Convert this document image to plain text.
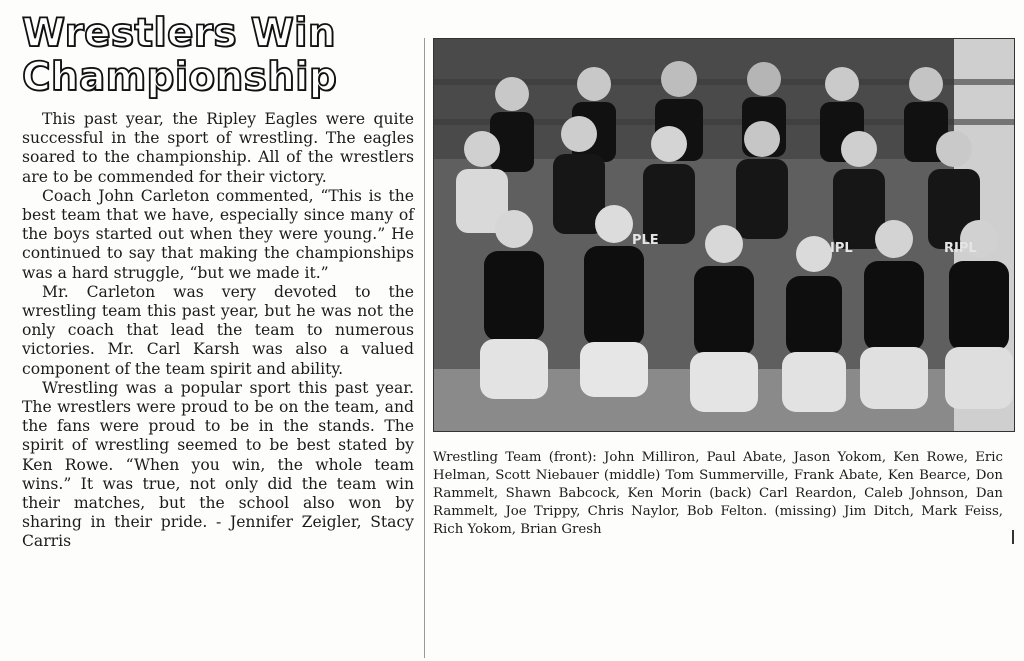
Wrestlers Win
Championship

This past year, the Ripley Eagles were quite successful in the sport of wrestling. The eagles soared to the championship. All of the wrestlers are to be commended for their victory.

Coach John Carleton commented, “This is the best team that we have, especially since many of the boys started out when they were young.” He continued to say that making the championships was a hard struggle, “but we made it.”

Mr. Carleton was very devoted to the wrestling team this past year, but he was not the only coach that lead the team to numerous victories. Mr. Carl Karsh was also a valued component of the team spirit and ability.

Wrestling was a popular sport this past year. The wrestlers were proud to be on the team, and the fans were proud to be in the stands. The spirit of wrestling seemed to be best stated by Ken Rowe. “When you win, the whole team wins.” It was true, not only did the team win their matches, but the school also won by sharing in their pride. - Jennifer Zeigler, Stacy Carris

PLE
IPL	RIPL

Wrestling Team (front): John Milliron, Paul Abate, Jason Yokom, Ken Rowe, Eric Helman, Scott Niebauer (middle) Tom Summerville, Frank Abate, Ken Bearce, Don Rammelt, Shawn Babcock, Ken Morin (back) Carl Reardon, Caleb Johnson, Dan Rammelt, Joe Trippy, Chris Naylor, Bob Felton. (missing) Jim Ditch, Mark Feiss, Rich Yokom, Brian Gresh
